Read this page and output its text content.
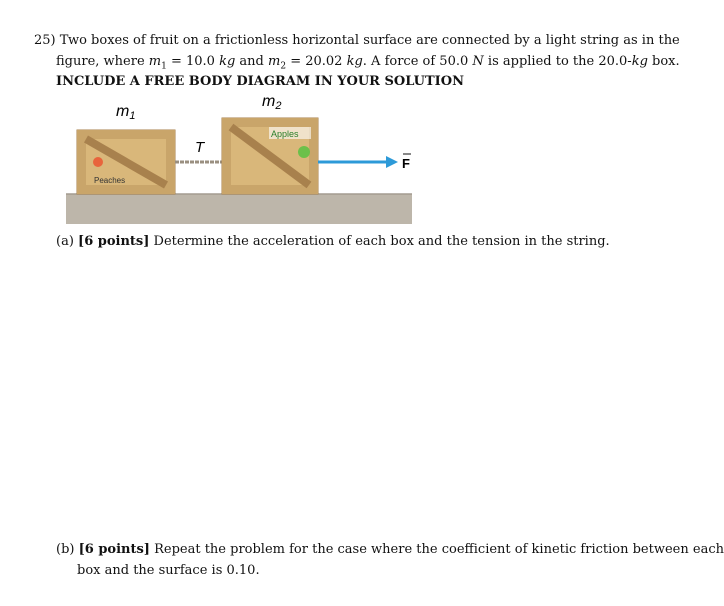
25) Two boxes of fruit on a frictionless horizontal surface are connected by a light string as in the
figure, where $m_1 = 10.0$ kg and $m_2 = 20.02$ kg. A force of 50.0 N is applied to the 20.0-kg box.
INCLUDE A FREE BODY DIAGRAM IN YOUR SOLUTION
m1
m2
Peaches
T
Apples
F
(a) [6 points] Determine the acceleration of each box and the tension in the string.
(b) [6 points] Repeat the problem for the case where the coefficient of kinetic friction between each
box and the surface is 0.10.
